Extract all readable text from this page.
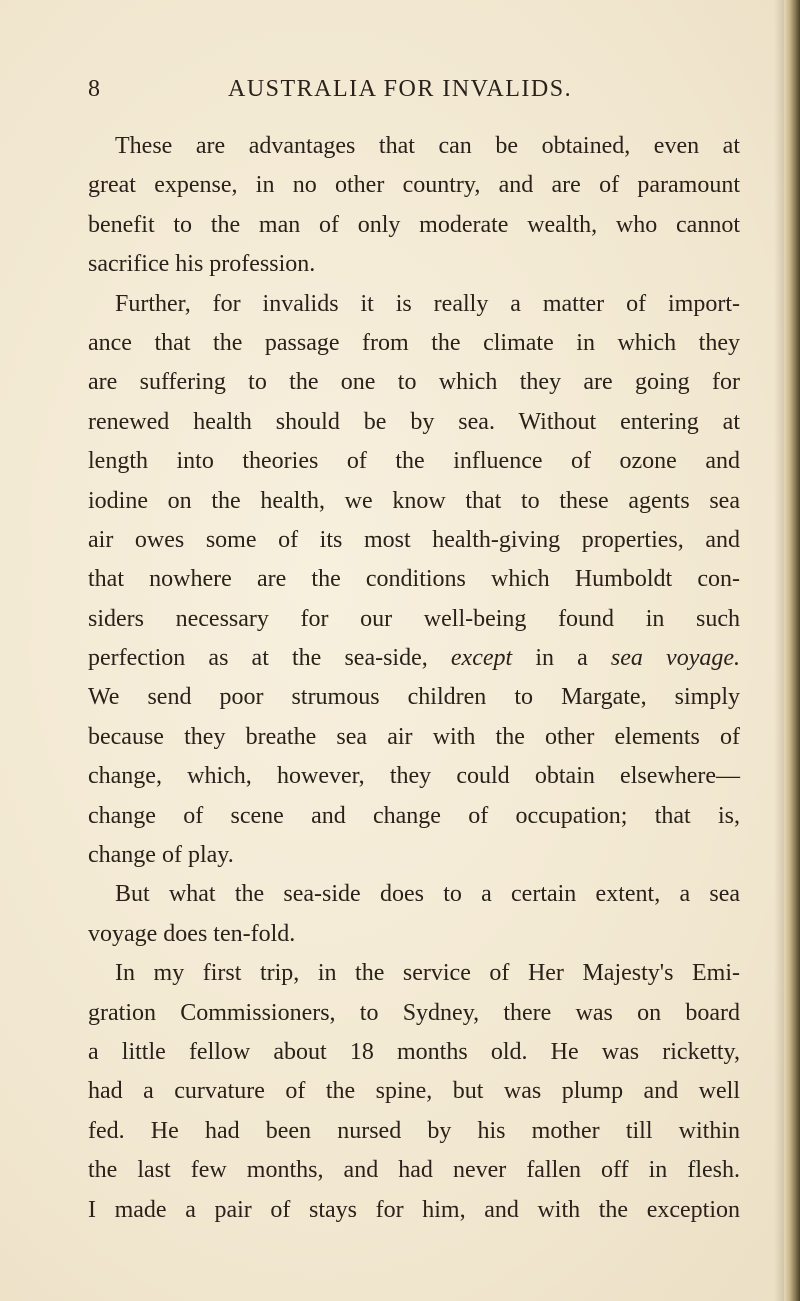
8	AUSTRALIA FOR INVALIDS.
These are advantages that can be obtained, even at
great expense, in no other country, and are of paramount
benefit to the man of only moderate wealth, who cannot
sacrifice his profession.
Further, for invalids it is really a matter of import-
ance that the passage from the climate in which they
are suffering to the one to which they are going for
renewed health should be by sea. Without entering at
length into theories of the influence of ozone and
iodine on the health, we know that to these agents sea
air owes some of its most health-giving properties, and
that nowhere are the conditions which Humboldt con-
siders necessary for our well-being found in such
perfection as at the sea-side, except in a sea voyage.
We send poor strumous children to Margate, simply
because they breathe sea air with the other elements of
change, which, however, they could obtain elsewhere—
change of scene and change of occupation; that is,
change of play.
But what the sea-side does to a certain extent, a sea
voyage does ten-fold.
In my first trip, in the service of Her Majesty's Emi-
gration Commissioners, to Sydney, there was on board
a little fellow about 18 months old. He was ricketty,
had a curvature of the spine, but was plump and well
fed. He had been nursed by his mother till within
the last few months, and had never fallen off in flesh.
I made a pair of stays for him, and with the exception
